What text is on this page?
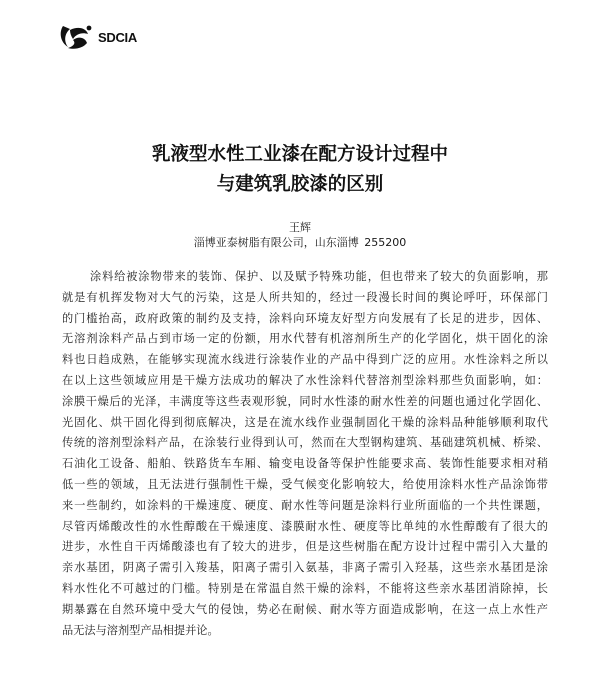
SDCIA
乳液型水性工业漆在配方设计过程中
与建筑乳胶漆的区别
王辉
淄博亚泰树脂有限公司，山东淄博 255200
涂料给被涂物带来的装饰、保护、以及赋予特殊功能，但也带来了较大的负面影响，那
就是有机挥发物对大气的污染，这是人所共知的，经过一段漫长时间的舆论呼吁，环保部门
的门槛抬高，政府政策的制约及支持，涂料向环境友好型方向发展有了长足的进步，因体、
无溶剂涂料产品占到市场一定的份额，用水代替有机溶剂所生产的化学固化，烘干固化的涂
料也日趋成熟，在能够实现流水线进行涂装作业的产品中得到广泛的应用。水性涂料之所以
在以上这些领域应用是干燥方法成功的解决了水性涂料代替溶剂型涂料那些负面影响，如：
涂膜干燥后的光泽，丰满度等这些表观形貌，同时水性漆的耐水性差的问题也通过化学固化、
光固化、烘干固化得到彻底解决，这是在流水线作业强制固化干燥的涂料品种能够顺利取代
传统的溶剂型涂料产品，在涂装行业得到认可，然而在大型钢构建筑、基础建筑机械、桥梁、
石油化工设备、船舶、铁路货车车厢、输变电设备等保护性能要求高、装饰性能要求相对稍
低一些的领域，且无法进行强制性干燥，受气候变化影响较大，给使用涂料水性产品涂饰带
来一些制约，如涂料的干燥速度、硬度、耐水性等问题是涂料行业所面临的一个共性课题，
尽管丙烯酸改性的水性醇酸在干燥速度、漆膜耐水性、硬度等比单纯的水性醇酸有了很大的
进步，水性自干丙烯酸漆也有了较大的进步，但是这些树脂在配方设计过程中需引入大量的
亲水基团，阴离子需引入羧基，阳离子需引入氨基，非离子需引入羟基，这些亲水基团是涂
料水性化不可越过的门槛。特别是在常温自然干燥的涂料，不能将这些亲水基团消除掉，长
期暴露在自然环境中受大气的侵蚀，势必在耐候、耐水等方面造成影响，在这一点上水性产
品无法与溶剂型产品相提并论。
